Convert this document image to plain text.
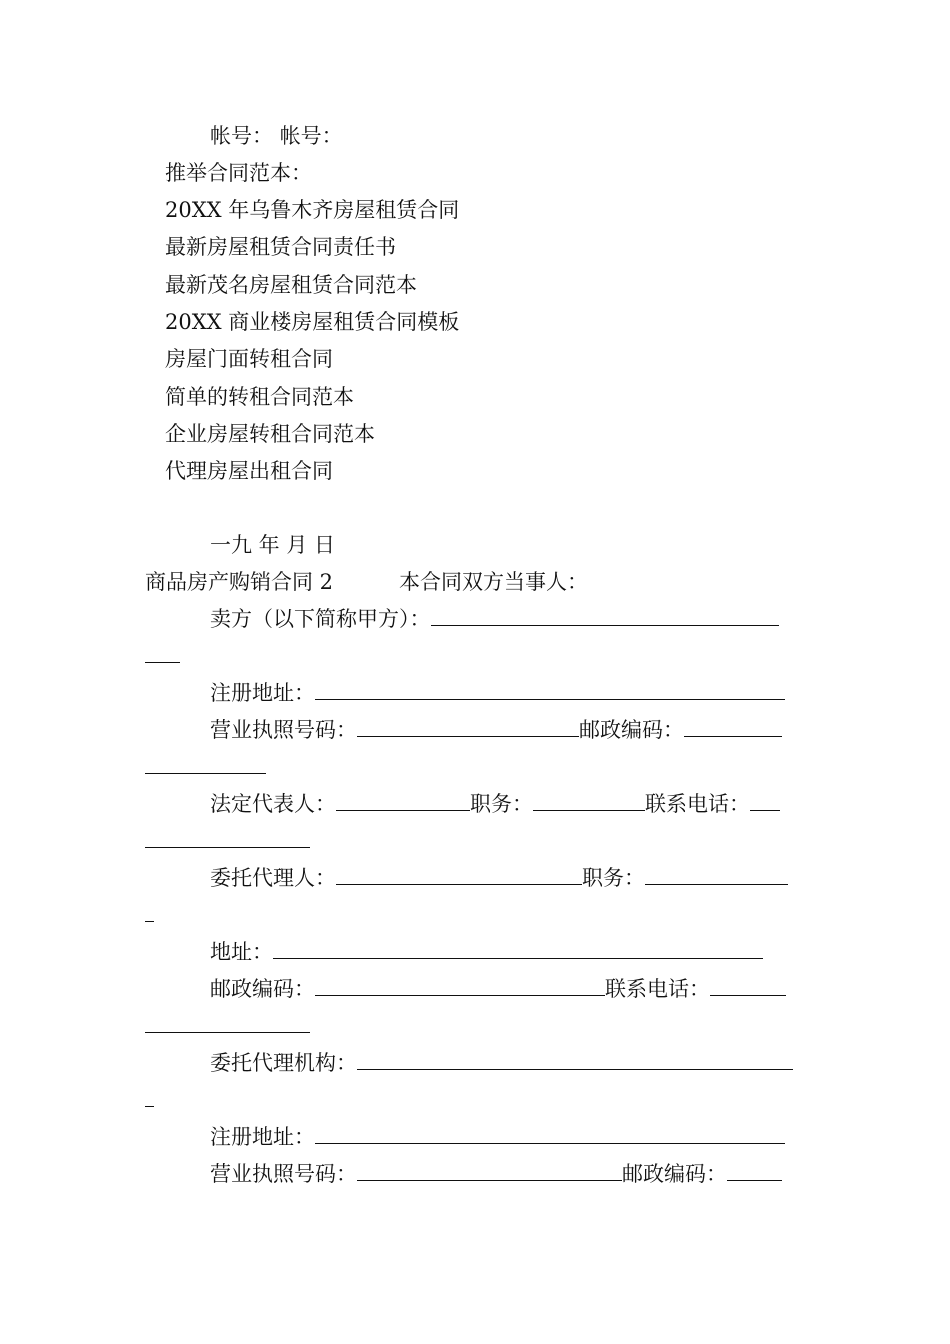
帐号： 帐号：

推举合同范本：

20XX 年乌鲁木齐房屋租赁合同

最新房屋租赁合同责任书

最新茂名房屋租赁合同范本

20XX 商业楼房屋租赁合同模板

房屋门面转租合同

简单的转租合同范本

企业房屋转租合同范本

代理房屋出租合同

一九 年 月 日

商品房产购销合同 2	本合同双方当事人：

卖方（以下简称甲方）：

注册地址：

营业执照号码：	邮政编码：

法定代表人：	职务：	联系电话：

委托代理人：	职务：

地址：

邮政编码：	联系电话：

委托代理机构：

注册地址：

营业执照号码：	邮政编码：
